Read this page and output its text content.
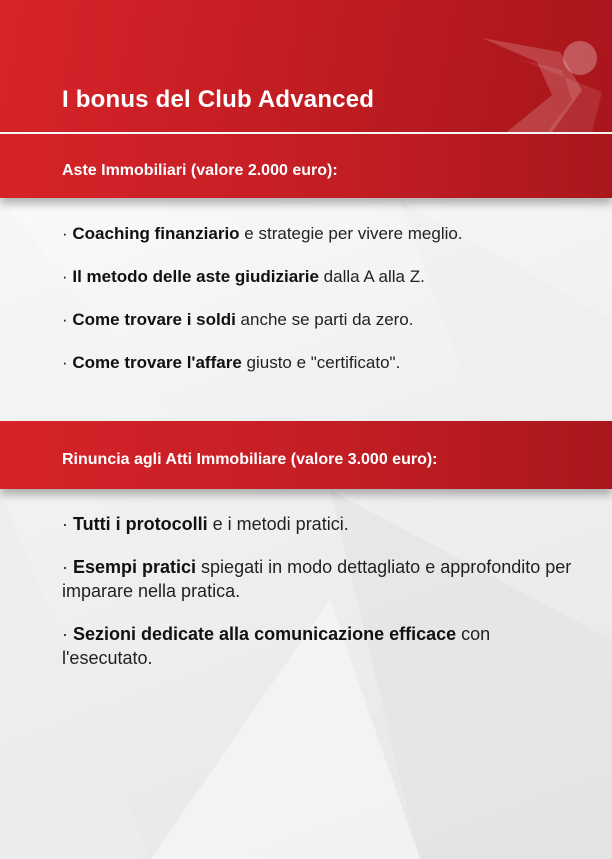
I bonus del Club Advanced
Aste Immobiliari (valore 2.000 euro):
· Coaching finanziario e strategie per vivere meglio.
· Il metodo delle aste giudiziarie dalla A alla Z.
· Come trovare i soldi anche se parti da zero.
· Come trovare l'affare giusto e "certificato".
Rinuncia agli Atti Immobiliare (valore 3.000 euro):
· Tutti i protocolli e i metodi pratici.
· Esempi pratici spiegati in modo dettagliato e approfondito per imparare nella pratica.
· Sezioni dedicate alla comunicazione efficace con l'esecutato.
